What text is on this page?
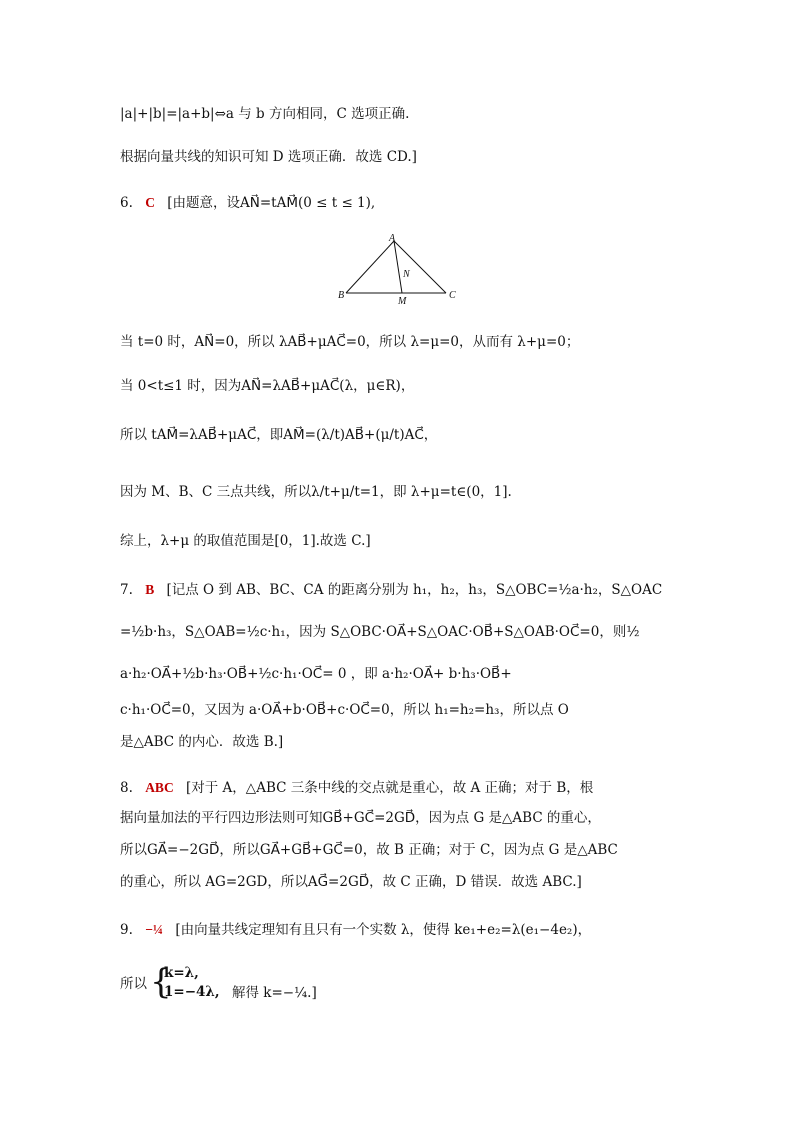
|a|+|b|=|a+b|⇔a 与 b 方向相同，C 选项正确.
根据向量共线的知识可知 D 选项正确．故选 CD.]
6. C [由题意，设AN⃗=tAM⃗(0 ≤ t ≤ 1),
A
B	C
M
N
当 t=0 时，AN⃗=0，所以 λAB⃗+μAC⃗=0，所以 λ=μ=0，从而有 λ+μ=0；
当 0<t≤1 时，因为AN⃗=λAB⃗+μAC⃗(λ，μ∈R)，
所以 tAM⃗=λAB⃗+μAC⃗，即AM⃗=(λ/t)AB⃗+(μ/t)AC⃗，
因为 M、B、C 三点共线，所以λ/t+μ/t=1，即 λ+μ=t∈(0，1].
综上，λ+μ 的取值范围是[0，1].故选 C.]
7. B [记点 O 到 AB、BC、CA 的距离分别为 h₁，h₂，h₃，S△OBC=½a·h₂，S△OAC
=½b·h₃，S△OAB=½c·h₁，因为 S△OBC·OA⃗+S△OAC·OB⃗+S△OAB·OC⃗=0，则½
a·h₂·OA⃗+½b·h₃·OB⃗+½c·h₁·OC⃗= 0 ，即 a·h₂·OA⃗+ b·h₃·OB⃗+
c·h₁·OC⃗=0，又因为 a·OA⃗+b·OB⃗+c·OC⃗=0，所以 h₁=h₂=h₃，所以点 O
是△ABC 的内心．故选 B.]
8. ABC [对于 A，△ABC 三条中线的交点就是重心，故 A 正确；对于 B，根
据向量加法的平行四边形法则可知GB⃗+GC⃗=2GD⃗，因为点 G 是△ABC 的重心，
所以GA⃗=−2GD⃗，所以GA⃗+GB⃗+GC⃗=0，故 B 正确；对于 C，因为点 G 是△ABC
的重心，所以 AG=2GD，所以AG⃗=2GD⃗，故 C 正确，D 错误．故选 ABC.]
9. −¼ [由向量共线定理知有且只有一个实数 λ，使得 ke₁+e₂=λ(e₁−4e₂)，
所以 {
k=λ,
1=−4λ, 解得 k=−¼.]
